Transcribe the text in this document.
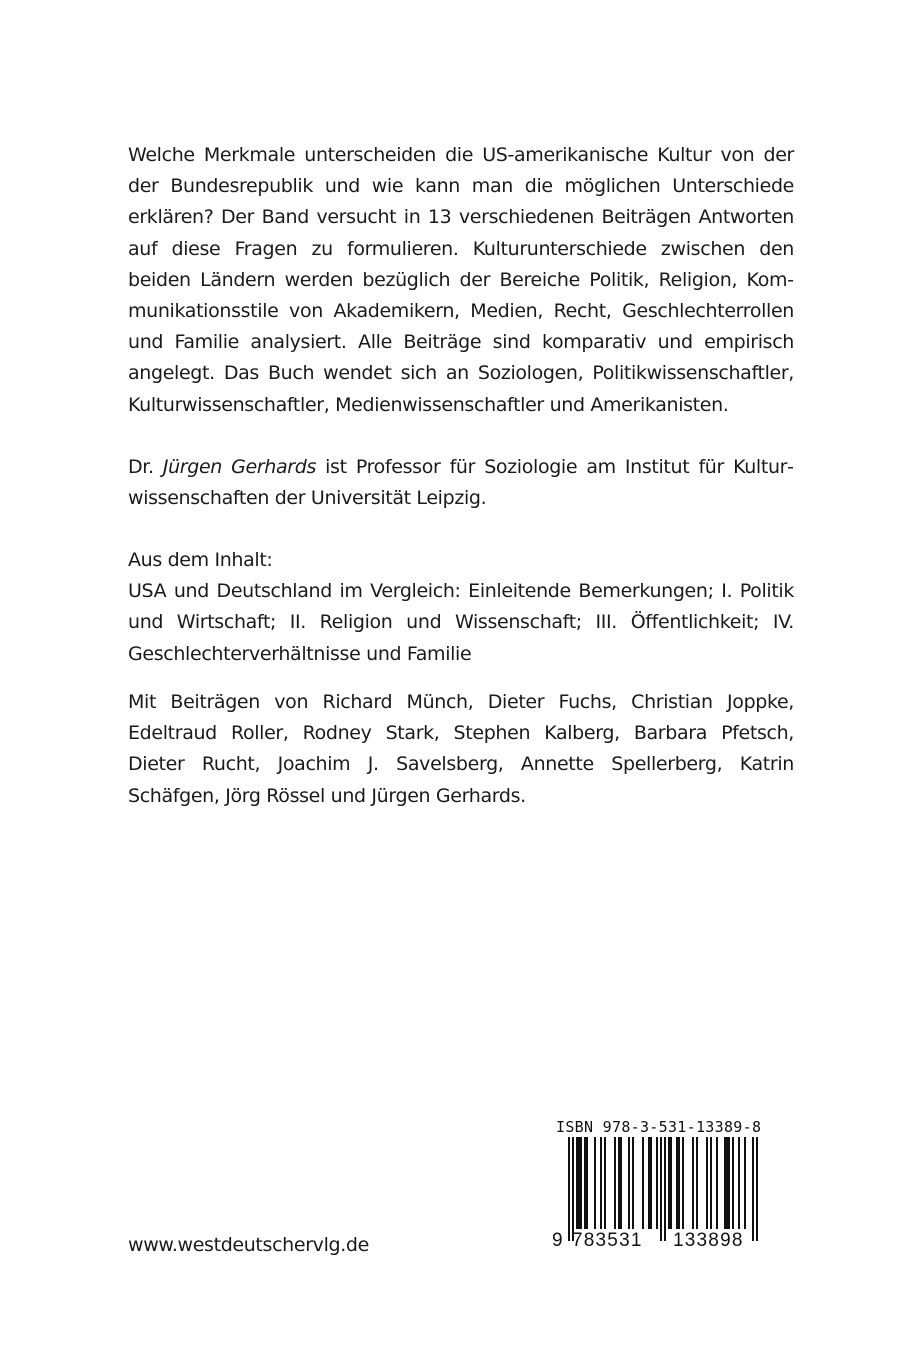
Welche Merkmale unterscheiden die US-amerikanische Kultur von der der Bundesrepublik und wie kann man die möglichen Unterschiede erklären? Der Band versucht in 13 verschiedenen Beiträgen Antworten auf diese Fragen zu formulieren. Kulturunterschiede zwischen den beiden Ländern werden bezüglich der Bereiche Politik, Religion, Kommunikationsstile von Akademikern, Medien, Recht, Geschlechterrollen und Familie analysiert. Alle Beiträge sind komparativ und empirisch angelegt. Das Buch wendet sich an Soziologen, Politikwissenschaftler, Kulturwissenschaftler, Medienwissenschaftler und Amerikanisten.

Dr. Jürgen Gerhards ist Professor für Soziologie am Institut für Kulturwissenschaften der Universität Leipzig.

Aus dem Inhalt:

USA und Deutschland im Vergleich: Einleitende Bemerkungen; I. Politik und Wirtschaft; II. Religion und Wissenschaft; III. Öffentlichkeit; IV. Geschlechterverhältnisse und Familie

Mit Beiträgen von Richard Münch, Dieter Fuchs, Christian Joppke, Edeltraud Roller, Rodney Stark, Stephen Kalberg, Barbara Pfetsch, Dieter Rucht, Joachim J. Savelsberg, Annette Spellerberg, Katrin Schäfgen, Jörg Rössel und Jürgen Gerhards.

www.westdeutschervlg.de
ISBN 978-3-531-13389-8
9 783531 133898
